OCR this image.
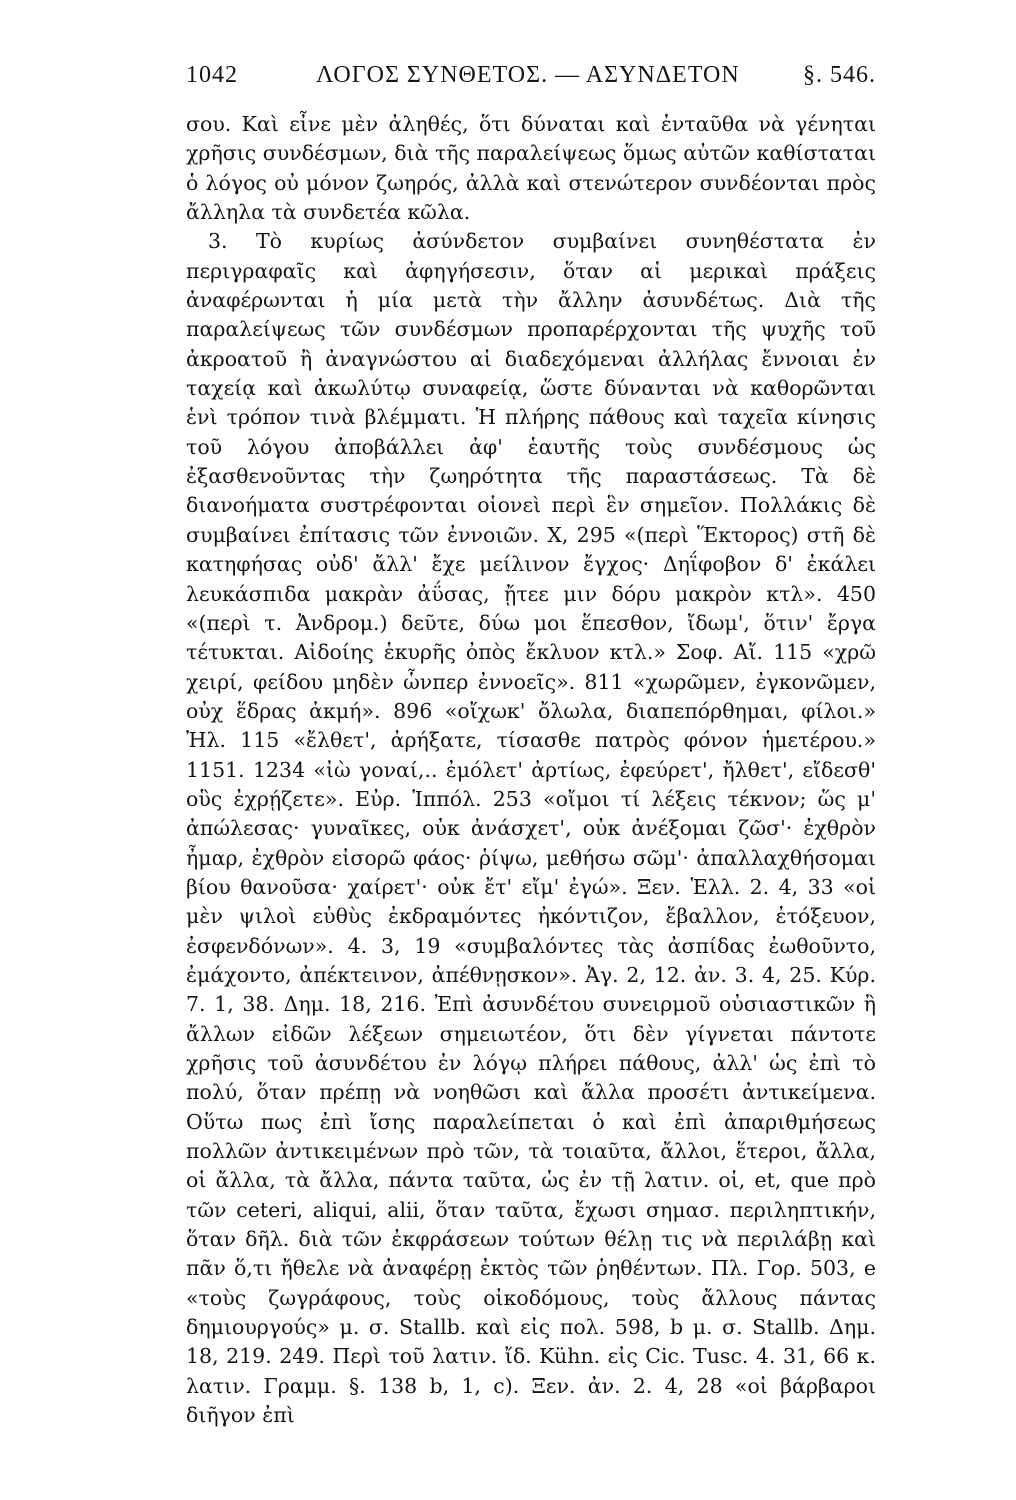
1042	ΛΟΓΟΣ ΣΥΝΘΕΤΟΣ. — ΑΣΥΝΔΕΤΟΝ	§. 546.

σου. Καὶ εἶνε μὲν ἀληθές, ὅτι δύναται καὶ ἐνταῦθα νὰ γένηται χρῆσις συνδέσμων, διὰ τῆς παραλείψεως ὅμως αὐτῶν καθίσταται ὁ λόγος οὐ μόνον ζωηρός, ἀλλὰ καὶ στενώτερον συνδέονται πρὸς ἄλληλα τὰ συνδετέα κῶλα.

3. Τὸ κυρίως ἀσύνδετον συμβαίνει συνηθέστατα ἐν περιγραφαῖς καὶ ἀφηγήσεσιν, ὅταν αἱ μερικαὶ πράξεις ἀναφέρωνται ἡ μία μετὰ τὴν ἄλλην ἀσυνδέτως. Διὰ τῆς παραλείψεως τῶν συνδέσμων προπαρέρχονται τῆς ψυχῆς τοῦ ἀκροατοῦ ἢ ἀναγνώστου αἱ διαδεχόμεναι ἀλλήλας ἔννοιαι ἐν ταχείᾳ καὶ ἀκωλύτῳ συναφείᾳ, ὥστε δύνανται νὰ καθορῶνται ἑνὶ τρόπον τινὰ βλέμματι. Ἡ πλήρης πάθους καὶ ταχεῖα κίνησις τοῦ λόγου ἀποβάλλει ἀφ' ἑαυτῆς τοὺς συνδέσμους ὡς ἐξασθενοῦντας τὴν ζωηρότητα τῆς παραστάσεως. Τὰ δὲ διανοήματα συστρέφονται οἱονεὶ περὶ ἓν σημεῖον. Πολλάκις δὲ συμβαίνει ἐπίτασις τῶν ἐννοιῶν. Χ, 295 «(περὶ Ἕκτορος) στῆ δὲ κατηφήσας οὐδ' ἄλλ' ἔχε μείλινον ἔγχος· Δηΐφοβον δ' ἐκάλει λευκάσπιδα μακρὰν ἀΰσας, ᾔτεε μιν δόρυ μακρὸν κτλ». 450 «(περὶ τ. Ἀνδρομ.) δεῦτε, δύω μοι ἕπεσθον, ἴδωμ', ὅτιν' ἔργα τέτυκται. Αἰδοίης ἑκυρῆς ὀπὸς ἔκλυον κτλ.» Σοφ. Αἴ. 115 «χρῶ χειρί, φείδου μηδὲν ὧνπερ ἐννοεῖς». 811 «χωρῶμεν, ἐγκονῶμεν, οὐχ ἕδρας ἀκμή». 896 «οἴχωκ' ὄλωλα, διαπεπόρθημαι, φίλοι.» Ἠλ. 115 «ἔλθετ', ἀρήξατε, τίσασθε πατρὸς φόνον ἡμετέρου.» 1151. 1234 «ἰὼ γοναί,.. ἐμόλετ' ἀρτίως, ἐφεύρετ', ἤλθετ', εἴδεσθ' οὓς ἐχρῄζετε». Εὐρ. Ἱππόλ. 253 «οἴμοι τί λέξεις τέκνον; ὥς μ' ἀπώλεσας· γυναῖκες, οὐκ ἀνάσχετ', οὐκ ἀνέξομαι ζῶσ'· ἐχθρὸν ἦμαρ, ἐχθρὸν εἰσορῶ φάος· ῥίψω, μεθήσω σῶμ'· ἀπαλλαχθήσομαι βίου θανοῦσα· χαίρετ'· οὐκ ἔτ' εἴμ' ἐγώ». Ξεν. Ἑλλ. 2. 4, 33 «οἱ μὲν ψιλοὶ εὐθὺς ἐκδραμόντες ἠκόντιζον, ἔβαλλον, ἐτόξευον, ἐσφενδόνων». 4. 3, 19 «συμβαλόντες τὰς ἀσπίδας ἐωθοῦντο, ἐμάχοντο, ἀπέκτεινον, ἀπέθνῃσκον». Ἀγ. 2, 12. ἀν. 3. 4, 25. Κύρ. 7. 1, 38. Δημ. 18, 216. Ἐπὶ ἀσυνδέτου συνειρμοῦ οὐσιαστικῶν ἢ ἄλλων εἰδῶν λέξεων σημειωτέον, ὅτι δὲν γίγνεται πάντοτε χρῆσις τοῦ ἀσυνδέτου ἐν λόγῳ πλήρει πάθους, ἀλλ' ὡς ἐπὶ τὸ πολύ, ὅταν πρέπῃ νὰ νοηθῶσι καὶ ἄλλα προσέτι ἀντικείμενα. Οὕτω πως ἐπὶ ἴσης παραλείπεται ὁ καὶ ἐπὶ ἀπαριθμήσεως πολλῶν ἀντικειμένων πρὸ τῶν, τὰ τοιαῦτα, ἄλλοι, ἕτεροι, ἄλλα, οἱ ἄλλα, τὰ ἄλλα, πάντα ταῦτα, ὡς ἐν τῇ λατιν. οἱ, et, que πρὸ τῶν ceteri, aliqui, alii, ὅταν ταῦτα, ἔχωσι σημασ. περιληπτικήν, ὅταν δῆλ. διὰ τῶν ἐκφράσεων τούτων θέλῃ τις νὰ περιλάβῃ καὶ πᾶν ὅ,τι ἤθελε νὰ ἀναφέρῃ ἐκτὸς τῶν ῥηθέντων. Πλ. Γορ. 503, e «τοὺς ζωγράφους, τοὺς οἰκοδόμους, τοὺς ἄλλους πάντας δημιουργούς» μ. σ. Stallb. καὶ εἰς πολ. 598, b μ. σ. Stallb. Δημ. 18, 219. 249. Περὶ τοῦ λατιν. ἴδ. Kühn. εἰς Cic. Tusc. 4. 31, 66 κ. λατιν. Γραμμ. §. 138 b, 1, c). Ξεν. ἀν. 2. 4, 28 «οἱ βάρβαροι διῆγον ἐπὶ
